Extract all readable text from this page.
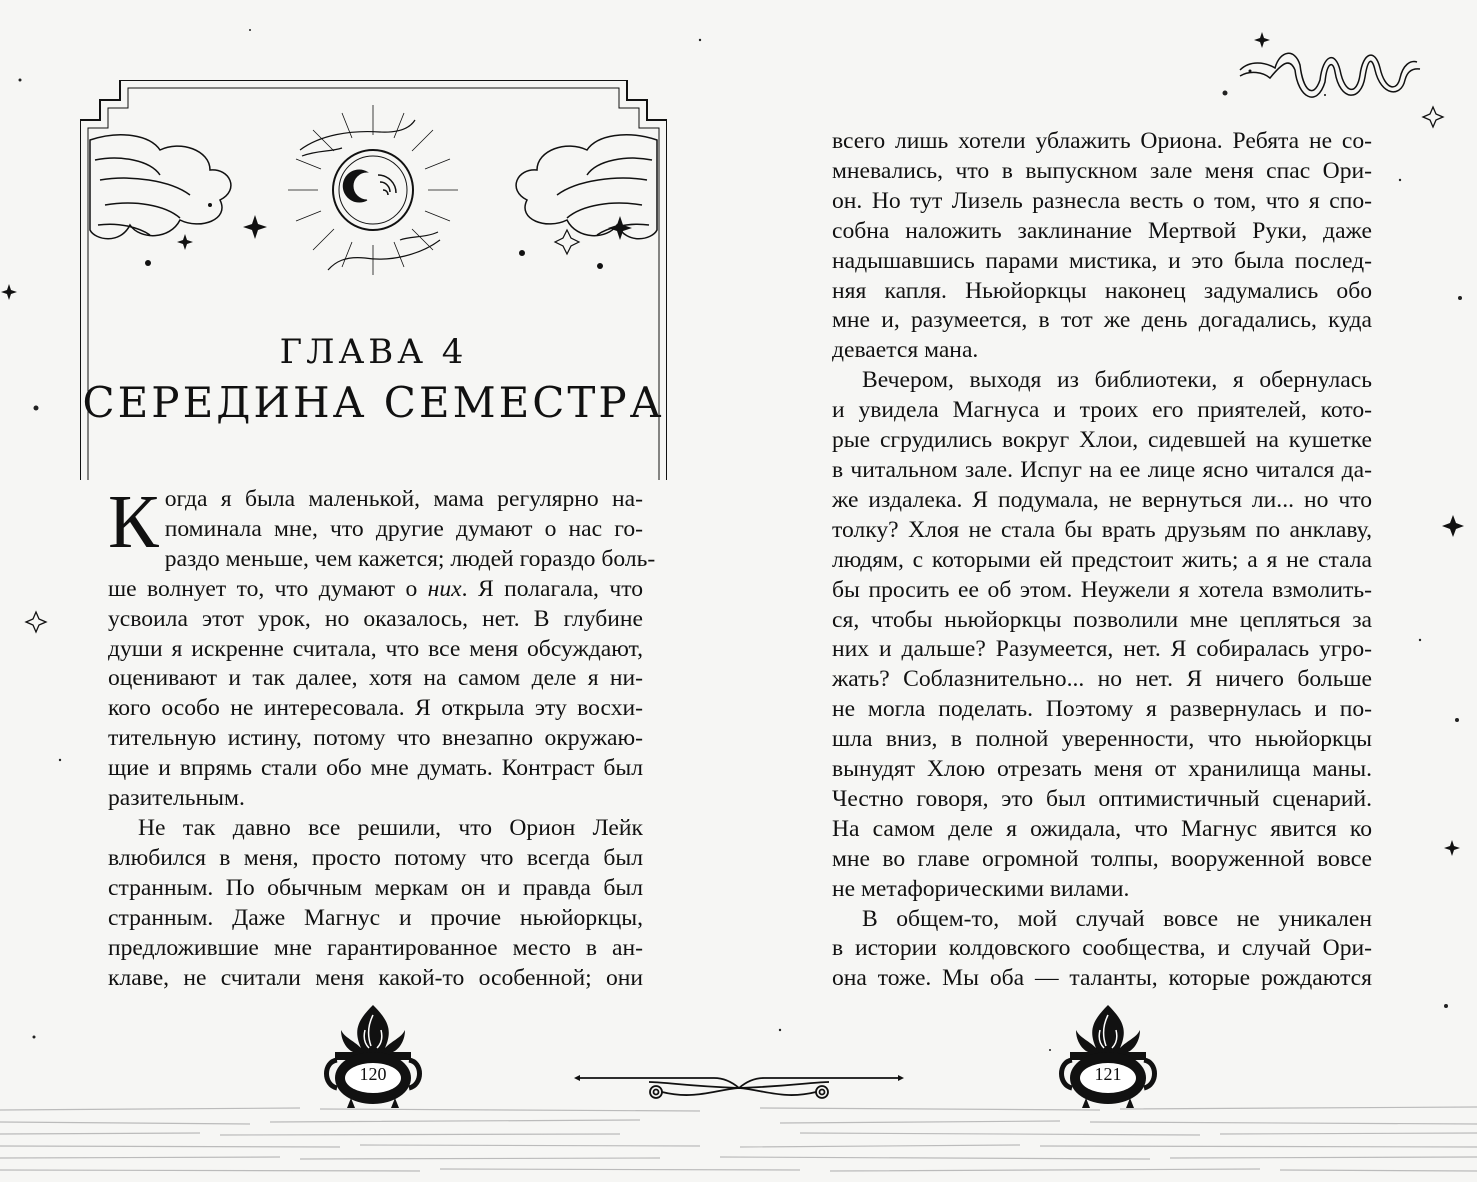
ГЛАВА 4
СЕРЕДИНА СЕМЕСТРА
К огда я была маленькой, мама регулярно на-
поминала мне, что другие думают о нас го-
раздо меньше, чем кажется; людей гораздо боль-
ше волнует то, что думают о них. Я полагала, что
усвоила этот урок, но оказалось, нет. В глубине
души я искренне считала, что все меня обсуждают,
оценивают и так далее, хотя на самом деле я ни-
кого особо не интересовала. Я открыла эту восхи-
тительную истину, потому что внезапно окружаю-
щие и впрямь стали обо мне думать. Контраст был
разительным.
Не так давно все решили, что Орион Лейк
влюбился в меня, просто потому что всегда был
странным. По обычным меркам он и правда был
странным. Даже Магнус и прочие ньюйоркцы,
предложившие мне гарантированное место в ан-
клаве, не считали меня какой-то особенной; они
120
всего лишь хотели ублажить Ориона. Ребята не со-
мневались, что в выпускном зале меня спас Ори-
он. Но тут Лизель разнесла весть о том, что я спо-
собна наложить заклинание Мертвой Руки, даже
надышавшись парами мистика, и это была послед-
няя капля. Ньюйоркцы наконец задумались обо
мне и, разумеется, в тот же день догадались, куда
девается мана.
Вечером, выходя из библиотеки, я обернулась
и увидела Магнуса и троих его приятелей, кото-
рые сгрудились вокруг Хлои, сидевшей на кушетке
в читальном зале. Испуг на ее лице ясно читался да-
же издалека. Я подумала, не вернуться ли... но что
толку? Хлоя не стала бы врать друзьям по анклаву,
людям, с которыми ей предстоит жить; а я не стала
бы просить ее об этом. Неужели я хотела взмолить-
ся, чтобы ньюйоркцы позволили мне цепляться за
них и дальше? Разумеется, нет. Я собиралась угро-
жать? Соблазнительно... но нет. Я ничего больше
не могла поделать. Поэтому я развернулась и по-
шла вниз, в полной уверенности, что ньюйоркцы
вынудят Хлою отрезать меня от хранилища маны.
Честно говоря, это был оптимистичный сценарий.
На самом деле я ожидала, что Магнус явится ко
мне во главе огромной толпы, вооруженной вовсе
не метафорическими вилами.
В общем-то, мой случай вовсе не уникален
в истории колдовского сообщества, и случай Ори-
она тоже. Мы оба — таланты, которые рождаются
121
